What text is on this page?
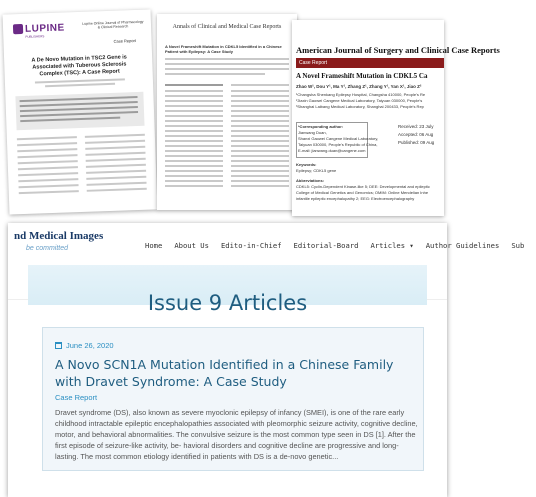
LUPINE
PUBLISHERS
Lupine Online Journal of Pharmacology & Clinical Research
Case Report
A De Novo Mutation in TSC2 Gene is Associated with Tuberous Sclerosis Complex (TSC): A Case Report
Annals of Clinical and Medical Case Reports
A Novel Frameshift Mutation in CDKL5 Identified in a Chinese Patient with Epilepsy: A Case Study	American Journal of Surgery and Clinical Case Reports
Case Report
A Novel Frameshift Mutation in CDKL5 Ca
Zhao W¹, Dou Y¹, Ma Y¹, Zhang Z¹, Zhang Y¹, Yan X¹, Jiao Z²
¹Changsha Shenkang Epilepsy Hospital, Changsha 410000, People's Re
²Jiaxin Gaowei Cangene Medical Laboratory, Taiyuan 030000, People's
³Shanghai Laibang Medical Laboratory, Shanghai 200433, People's Rep
*Corresponding author:
Jianwang Duan,
Shanxi Gaowei Cangene Medical Laboratory,
Taiyuan 030000, People's Republic of China,
E-mail: jianwang.duan@cangene.com
Received: 23 July
Accepted: 06 Aug
Published: 09 Aug
Keywords:
Epilepsy; CDKL5 gene
Abbreviations:
CDKL5: Cyclin-Dependent Kinase-like 5; DEE: Developmental and epileptic
College of Medical Genetics and Genomics; OMIM: Online Mendelian Inhe
infantile epileptic encephalopathy 2; EEG: Electroencephalography
nd Medical Images
be committed	Home About Us Edito-in-Chief Editorial-Board Articles ▾ Author Guidelines Sub
Issue 9 Articles
June 26, 2020
A Novo SCN1A Mutation Identified in a Chinese Family with Dravet Syndrome: A Case Study
Case Report
Dravet syndrome (DS), also known as severe myoclonic epilepsy of infancy (SMEI), is one of the rare early childhood intractable epileptic encephalopathies associated with pleomorphic seizure activity, cognitive decline, motor, and behavioral abnormalities. The convulsive seizure is the most common type seen in DS [1]. After the first episode of seizure-like activity, be- havioral disorders and cognitive decline are progressive and long-lasting. The most common etiology identified in patients with DS is a de-novo genetic...
